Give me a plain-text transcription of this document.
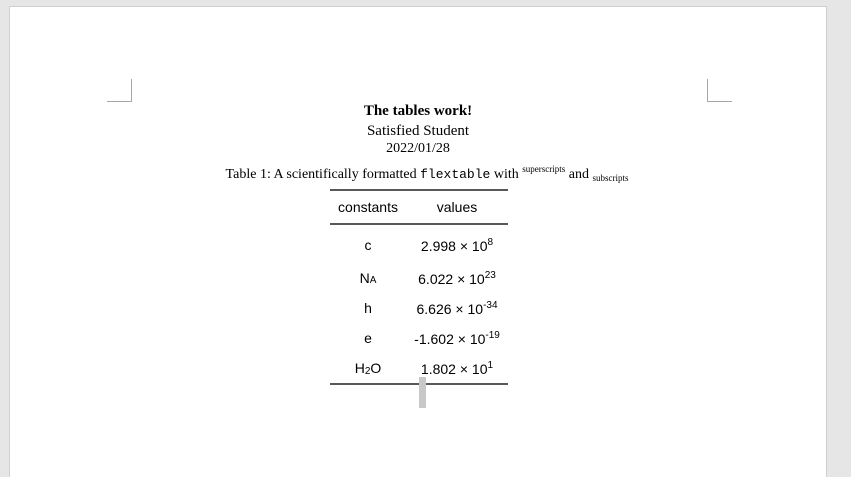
The tables work!
Satisfied Student
2022/01/28
Table 1: A scientifically formatted flextable with $^{superscripts}$ and $_{subscripts}$
constants	values
c	$2.998 \times 10^8$
NA	$6.022 \times 10^{23}$
h	$6.626 \times 10^{-34}$
e	$-1.602 \times 10^{-19}$
H2O	$1.802 \times 10^1$
